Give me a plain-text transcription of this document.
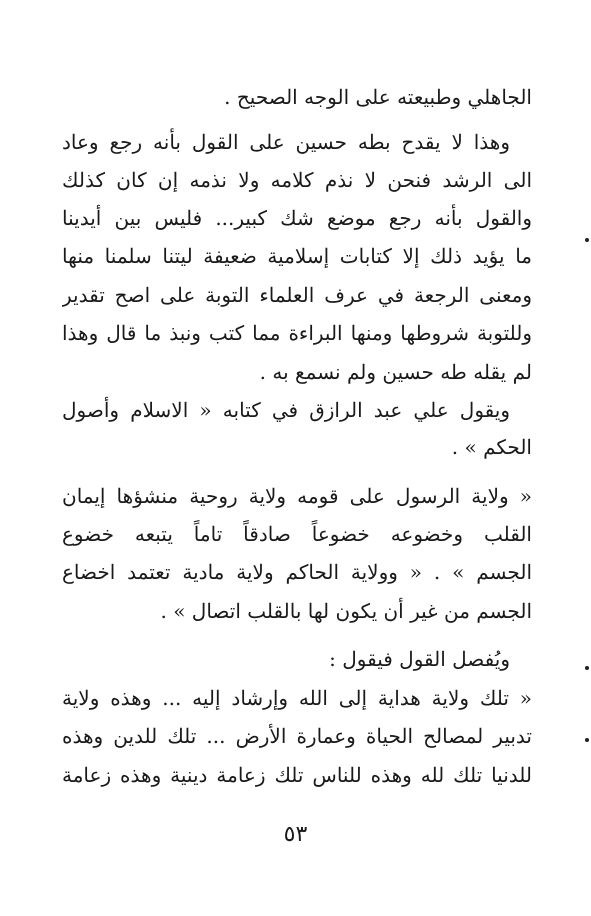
الجاهلي وطبيعته على الوجه الصحيح .
وهذا لا يقدح بطه حسين على القول بأنه رجع وعاد
الى الرشد فنحن لا نذم كلامه ولا نذمه إن كان كذلك
والقول بأنه رجع موضع شك كبير... فليس بين أيدينا
ما يؤيد ذلك إلا كتابات إسلامية ضعيفة ليتنا سلمنا منها
ومعنى الرجعة في عرف العلماء التوبة على اصح تقدير
وللتوبة شروطها ومنها البراءة مما كتب ونبذ ما قال وهذا
لم يقله طه حسين ولم نسمع به .
ويقول علي عبد الرازق في كتابه « الاسلام وأصول
الحكم » .
« ولاية الرسول على قومه ولاية روحية منشؤها إيمان
القلب وخضوعه خضوعاً صادقاً تاماً يتبعه خضوع
الجسم » . « وولاية الحاكم ولاية مادية تعتمد اخضاع
الجسم من غير أن يكون لها بالقلب اتصال » .
ويُفصل القول فيقول :
« تلك ولاية هداية إلى الله وإرشاد إليه ... وهذه ولاية
تدبير لمصالح الحياة وعمارة الأرض ... تلك للدين وهذه
للدنيا تلك لله وهذه للناس تلك زعامة دينية وهذه زعامة
٥٣
